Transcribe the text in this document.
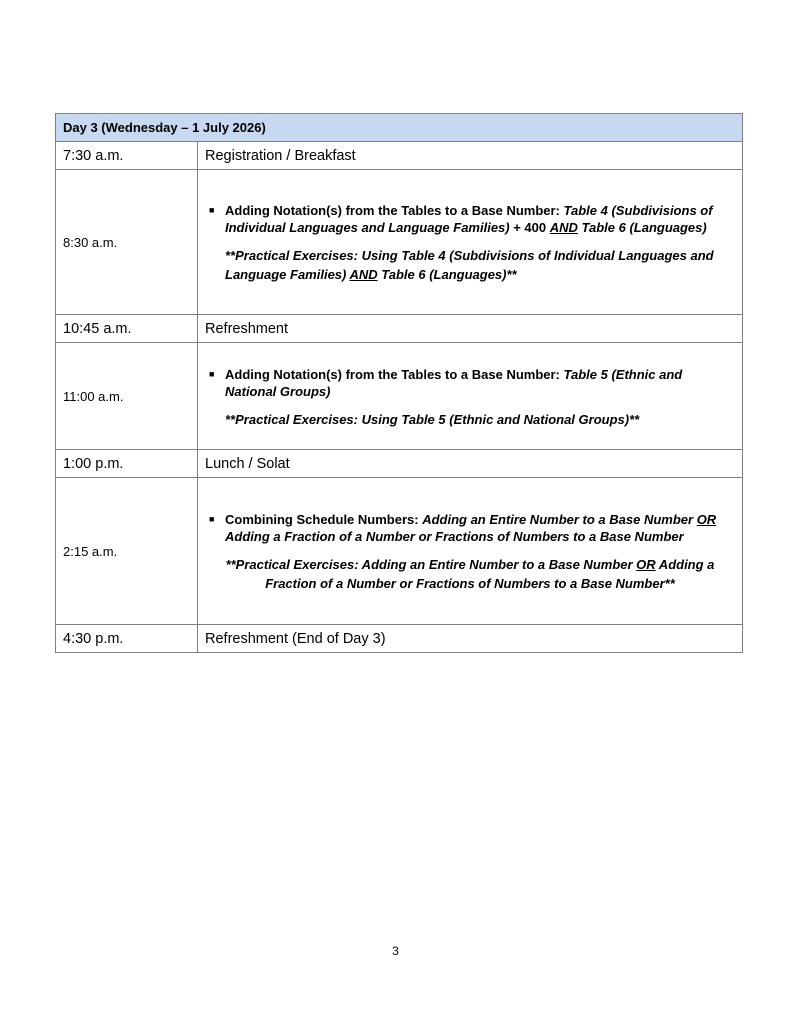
Day 3 (Wednesday – 1 July 2026)	
7:30 a.m.	Registration / Breakfast
8:30 a.m.	■ Adding Notation(s) from the Tables to a Base Number: Table 4 (Subdivisions of Individual Languages and Language Families) + 400 AND Table 6 (Languages)
**Practical Exercises: Using Table 4 (Subdivisions of Individual Languages and Language Families) AND Table 6 (Languages)**

10:45 a.m.	Refreshment
11:00 a.m.	■ Adding Notation(s) from the Tables to a Base Number: Table 5 (Ethnic and National Groups)
**Practical Exercises: Using Table 5 (Ethnic and National Groups)**

1:00 p.m.	Lunch / Solat
2:15 a.m.	■ Combining Schedule Numbers: Adding an Entire Number to a Base Number OR Adding a Fraction of a Number or Fractions of Numbers to a Base Number
**Practical Exercises: Adding an Entire Number to a Base Number OR Adding a Fraction of a Number or Fractions of Numbers to a Base Number**

4:30 p.m.	Refreshment (End of Day 3)
3
